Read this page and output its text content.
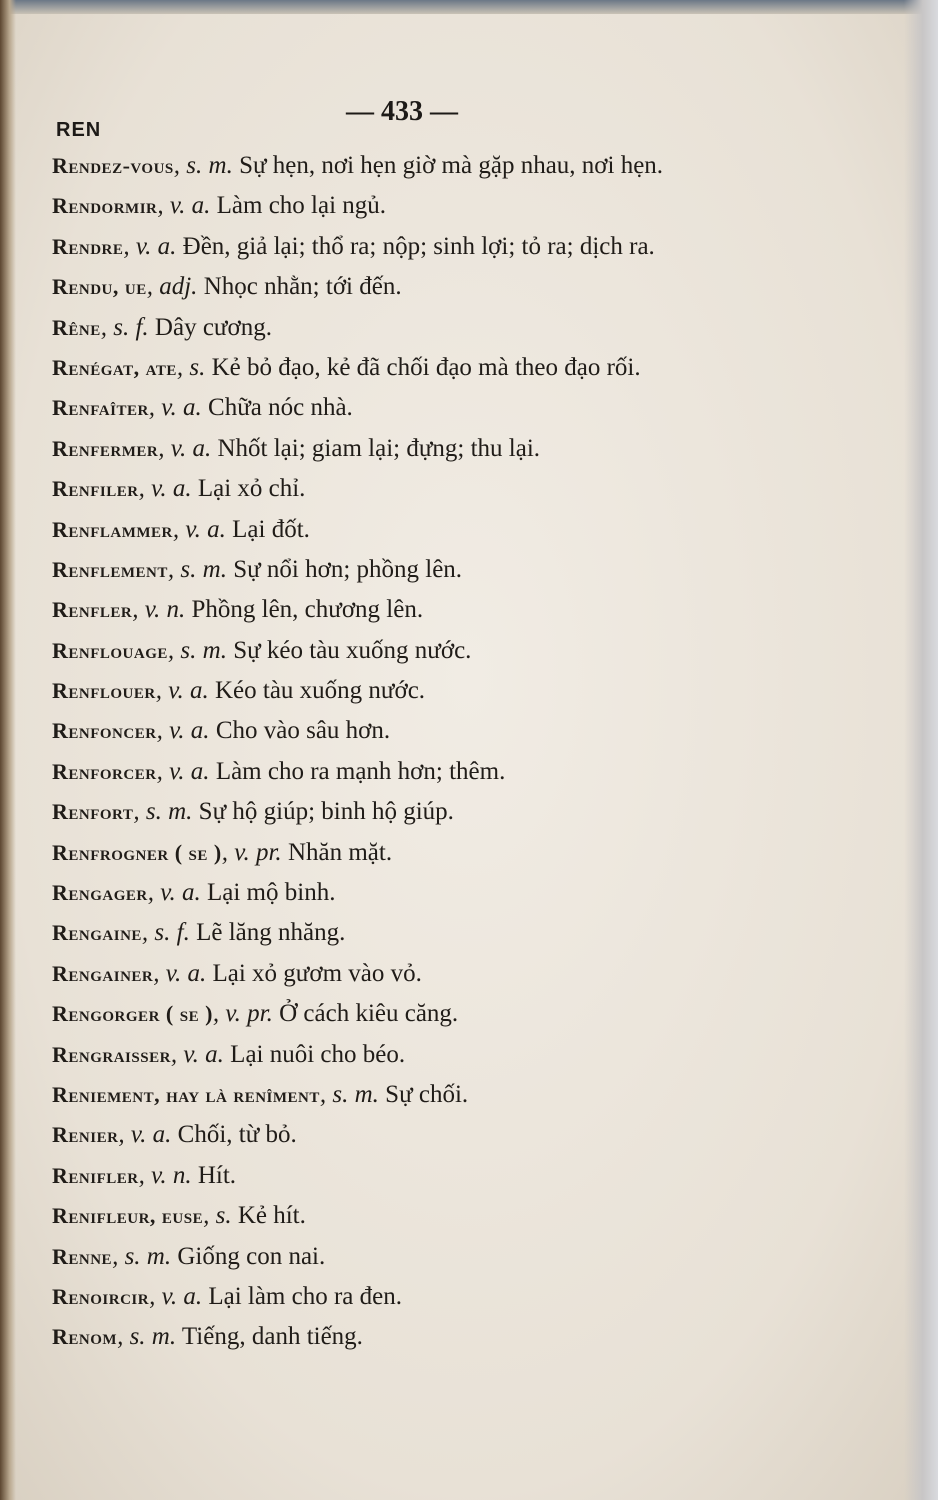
— 433 —
REN
Rendez-vous, s. m. Sự hẹn, nơi hẹn giờ mà gặp nhau, nơi hẹn.
Rendormir, v. a. Làm cho lại ngủ.
Rendre, v. a. Đền, giả lại; thổ ra; nộp; sinh lợi; tỏ ra; dịch ra.
Rendu, ue, adj. Nhọc nhằn; tới đến.
Rêne, s. f. Dây cương.
Renégat, ate, s. Kẻ bỏ đạo, kẻ đã chối đạo mà theo đạo rối.
Renfaîter, v. a. Chữa nóc nhà.
Renfermer, v. a. Nhốt lại; giam lại; đựng; thu lại.
Renfiler, v. a. Lại xỏ chỉ.
Renflammer, v. a. Lại đốt.
Renflement, s. m. Sự nổi hơn; phồng lên.
Renfler, v. n. Phồng lên, chương lên.
Renflouage, s. m. Sự kéo tàu xuống nước.
Renflouer, v. a. Kéo tàu xuống nước.
Renfoncer, v. a. Cho vào sâu hơn.
Renforcer, v. a. Làm cho ra mạnh hơn; thêm.
Renfort, s. m. Sự hộ giúp; binh hộ giúp.
Renfrogner ( se ), v. pr. Nhăn mặt.
Rengager, v. a. Lại mộ binh.
Rengaine, s. f. Lẽ lăng nhăng.
Rengainer, v. a. Lại xỏ gươm vào vỏ.
Rengorger ( se ), v. pr. Ở cách kiêu căng.
Rengraisser, v. a. Lại nuôi cho béo.
Reniement, hay là renîment, s. m. Sự chối.
Renier, v. a. Chối, từ bỏ.
Renifler, v. n. Hít.
Renifleur, euse, s. Kẻ hít.
Renne, s. m. Giống con nai.
Renoircir, v. a. Lại làm cho ra đen.
Renom, s. m. Tiếng, danh tiếng.
